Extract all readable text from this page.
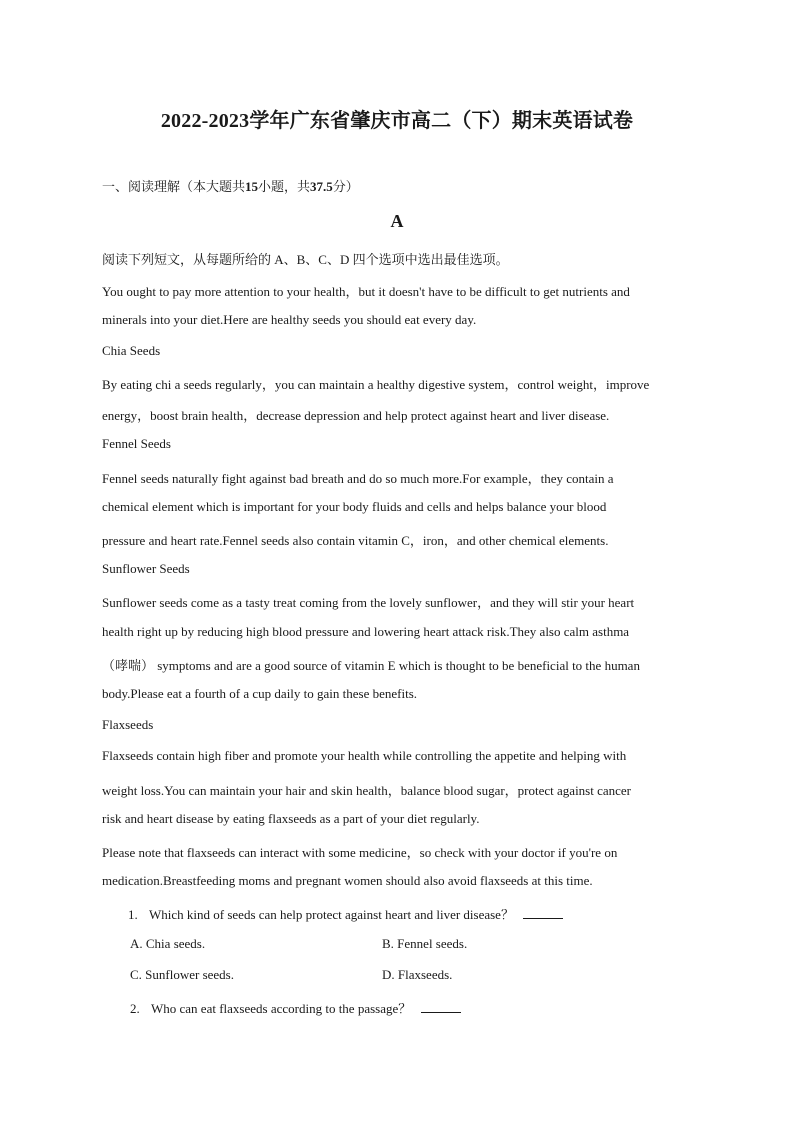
2022-2023学年广东省肇庆市高二（下）期末英语试卷
一、阅读理解（本大题共15小题，共37.5分）
A
阅读下列短文，从每题所给的 A、B、C、D 四个选项中选出最佳选项。
You ought to pay more attention to your health，but it doesn't have to be difficult to get nutrients and
minerals into your diet.Here are healthy seeds you should eat every day.
Chia Seeds
By eating chi a seeds regularly，you can maintain a healthy digestive system，control weight，improve
energy，boost brain health，decrease depression and help protect against heart and liver disease.
Fennel Seeds
Fennel seeds naturally fight against bad breath and do so much more.For example，they contain a
chemical element which is important for your body fluids and cells and helps balance your blood
pressure and heart rate.Fennel seeds also contain vitamin C，iron，and other chemical elements.
Sunflower Seeds
Sunflower seeds come as a tasty treat coming from the lovely sunflower，and they will stir your heart
health right up by reducing high blood pressure and lowering heart attack risk.They also calm asthma
（哮喘） symptoms and are a good source of vitamin E which is thought to be beneficial to the human
body.Please eat a fourth of a cup daily to gain these benefits.
Flaxseeds
Flaxseeds contain high fiber and promote your health while controlling the appetite and helping with
weight loss.You can maintain your hair and skin health，balance blood sugar，protect against cancer
risk and heart disease by eating flaxseeds as a part of your diet regularly.
Please note that flaxseeds can interact with some medicine，so check with your doctor if you're on
medication.Breastfeeding moms and pregnant women should also avoid flaxseeds at this time.
1. Which kind of seeds can help protect against heart and liver disease？
A. Chia seeds.	B. Fennel seeds.
C. Sunflower seeds.	D. Flaxseeds.
2. Who can eat flaxseeds according to the passage？
